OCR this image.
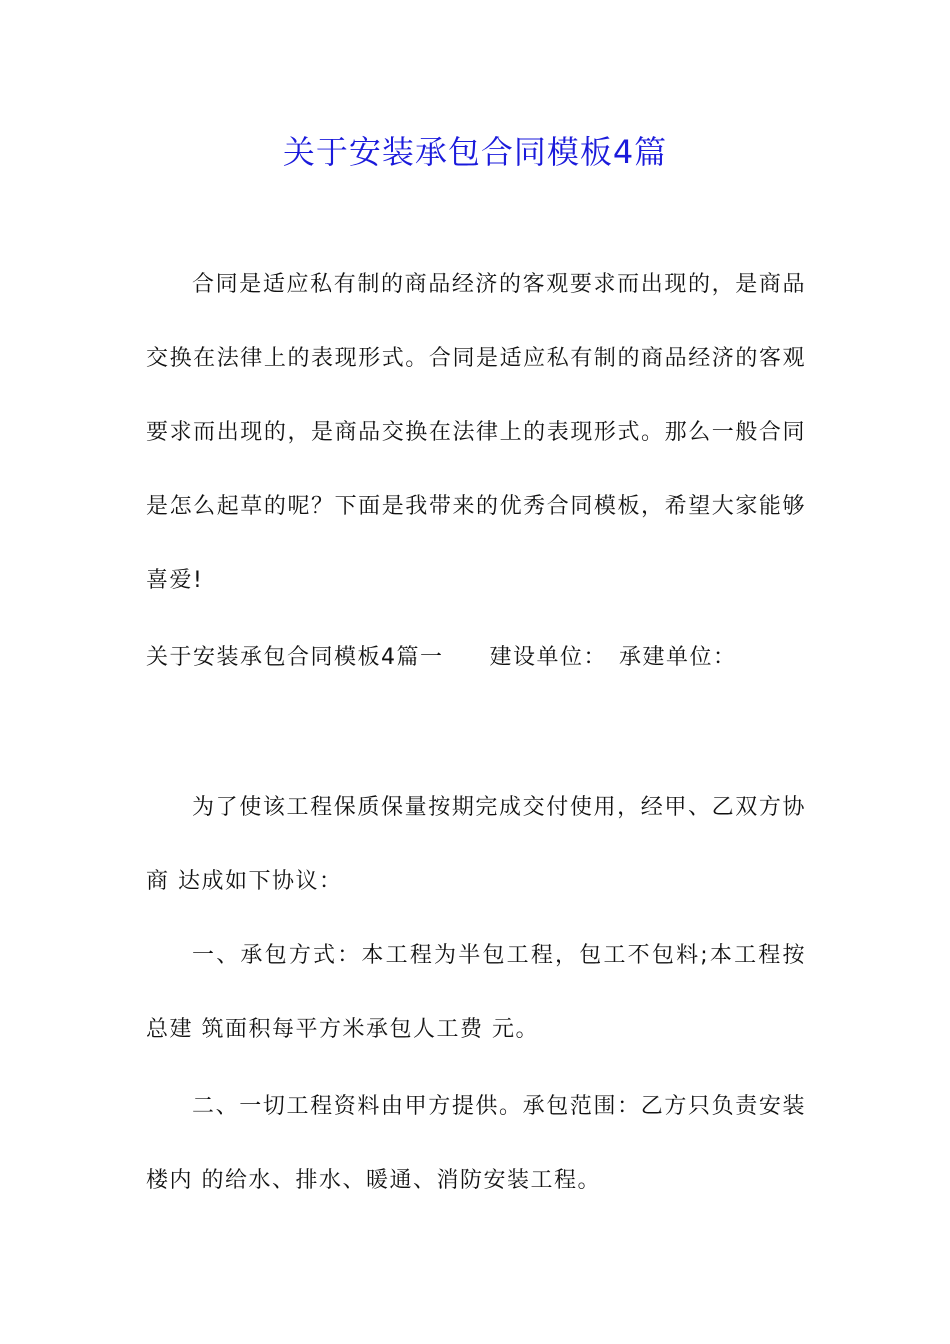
关于安装承包合同模板4篇

合同是适应私有制的商品经济的客观要求而出现的，是商品交换在法律上的表现形式。合同是适应私有制的商品经济的客观要求而出现的，是商品交换在法律上的表现形式。那么一般合同是怎么起草的呢？下面是我带来的优秀合同模板，希望大家能够喜爱!

关于安装承包合同模板4篇一 建设单位： 承建单位：

为了使该工程保质保量按期完成交付使用，经甲、乙双方协商 达成如下协议：

一、承包方式：本工程为半包工程，包工不包料;本工程按总建 筑面积每平方米承包人工费 元。

二、一切工程资料由甲方提供。承包范围：乙方只负责安装楼内 的给水、排水、暖通、消防安装工程。
